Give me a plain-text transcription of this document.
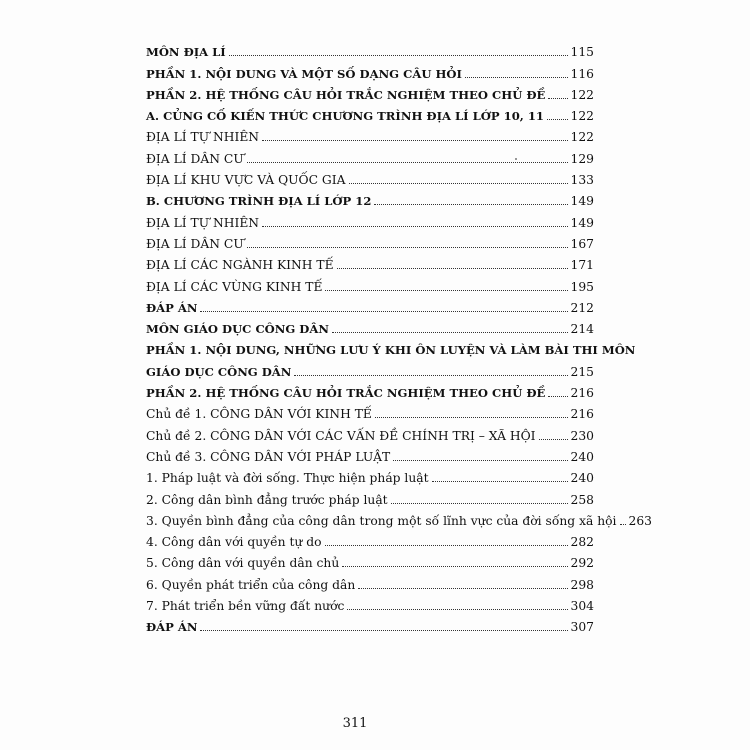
MÔN ĐỊA LÍ	115
PHẦN 1. NỘI DUNG VÀ MỘT SỐ DẠNG CÂU HỎI	116
PHẦN 2. HỆ THỐNG CÂU HỎI TRẮC NGHIỆM THEO CHỦ ĐỀ 122
A. CỦNG CỐ KIẾN THỨC CHƯƠNG TRÌNH ĐỊA LÍ LỚP 10, 11 122
ĐỊA LÍ TỰ NHIÊN	122
ĐỊA LÍ DÂN CƯ	129
ĐỊA LÍ KHU VỰC VÀ QUỐC GIA	133
B. CHƯƠNG TRÌNH ĐỊA LÍ LỚP 12	149
ĐỊA LÍ TỰ NHIÊN	149
ĐỊA LÍ DÂN CƯ	167
ĐỊA LÍ CÁC NGÀNH KINH TẾ	171
ĐỊA LÍ CÁC VÙNG KINH TẾ	195
ĐÁP ÁN	212
MÔN GIÁO DỤC CÔNG DÂN	214
PHẦN 1. NỘI DUNG, NHỮNG LƯU Ý KHI ÔN LUYỆN VÀ LÀM BÀI THI MÔN
GIÁO DỤC CÔNG DÂN	215
PHẦN 2. HỆ THỐNG CÂU HỎI TRẮC NGHIỆM THEO CHỦ ĐỀ 216
Chủ đề 1. CÔNG DÂN VỚI KINH TẾ	216
Chủ đề 2. CÔNG DÂN VỚI CÁC VẤN ĐỀ CHÍNH TRỊ – XÃ HỘI	230
Chủ đề 3. CÔNG DÂN VỚI PHÁP LUẬT	240
1. Pháp luật và đời sống. Thực hiện pháp luật	240
2. Công dân bình đẳng trước pháp luật	258
3. Quyền bình đẳng của công dân trong một số lĩnh vực của đời sống xã hội 263
4. Công dân với quyền tự do	282
5. Công dân với quyền dân chủ	292
6. Quyền phát triển của công dân	298
7. Phát triển bền vững đất nước	304
ĐÁP ÁN	307
311
